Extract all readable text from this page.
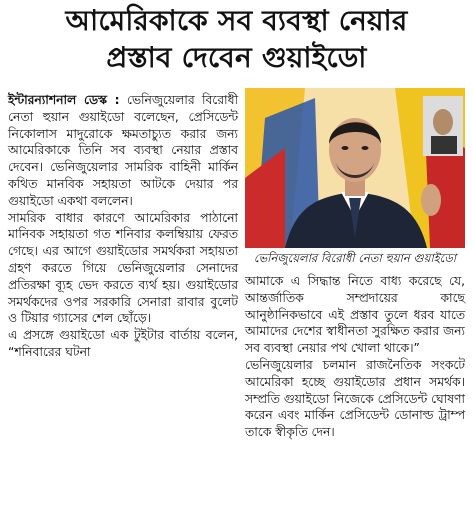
আমেরিকাকে সব ব্যবস্থা নেয়ার
প্রস্তাব দেবেন গুয়াইডো
ভেনিজুয়েলার বিরোধী নেতা হুয়ান গুয়াইডো

ইন্টারন্যাশনাল ডেস্ক : ভেনিজুয়েলার বিরোধী নেতা হুয়ান গুয়াইডো বলেছেন, প্রেসিডেন্ট নিকোলাস মাদুরোকে ক্ষমতাচ্যুত করার জন্য আমেরিকাকে তিনি সব ব্যবস্থা নেয়ার প্রস্তাব দেবেন। ভেনিজুয়েলার সামরিক বাহিনী মার্কিন কথিত মানবিক সহায়তা আটকে দেয়ার পর গুয়াইডো একথা বললেন।

সামরিক বাধার কারণে আমেরিকার পাঠানো মানিবক সহায়তা গত শনিবার কলম্বিয়ায় ফেরত গেছে। এর আগে গুয়াইডোর সমর্থকরা সহায়তা গ্রহণ করতে গিয়ে ভেনিজুয়েলার সেনাদের প্রতিরক্ষা ব্যূহ ভেদ করতে ব্যর্থ হয়। গুয়াইডোর সমর্থকদের ওপর সরকারি সেনারা রাবার বুলেট ও টিয়ার গ্যাসের শেল ছোঁড়ে।

এ প্রসঙ্গে গুয়াইডো এক টুইটার বার্তায় বলেন, “শনিবারের ঘটনা

আমাকে এ সিদ্ধান্ত নিতে বাধ্য করেছে যে, আন্তর্জাতিক সম্প্রদায়ের কাছে আনুষ্ঠানিকভাবে এই প্রস্তাব তুলে ধরব যাতে আমাদের দেশের স্বাধীনতা সুরক্ষিত করার জন্য সব ব্যবস্থা নেয়ার পথ খোলা থাকে।”

ভেনিজুয়েলার চলমান রাজনৈতিক সংকটে আমেরিকা হচ্ছে গুয়াইডোর প্রধান সমর্থক। সম্প্রতি গুয়াইডো নিজেকে প্রেসিডেন্ট ঘোষণা করেন এবং মার্কিন প্রেসিডেন্ট ডোনাল্ড ট্রাম্প তাকে স্বীকৃতি দেন।
